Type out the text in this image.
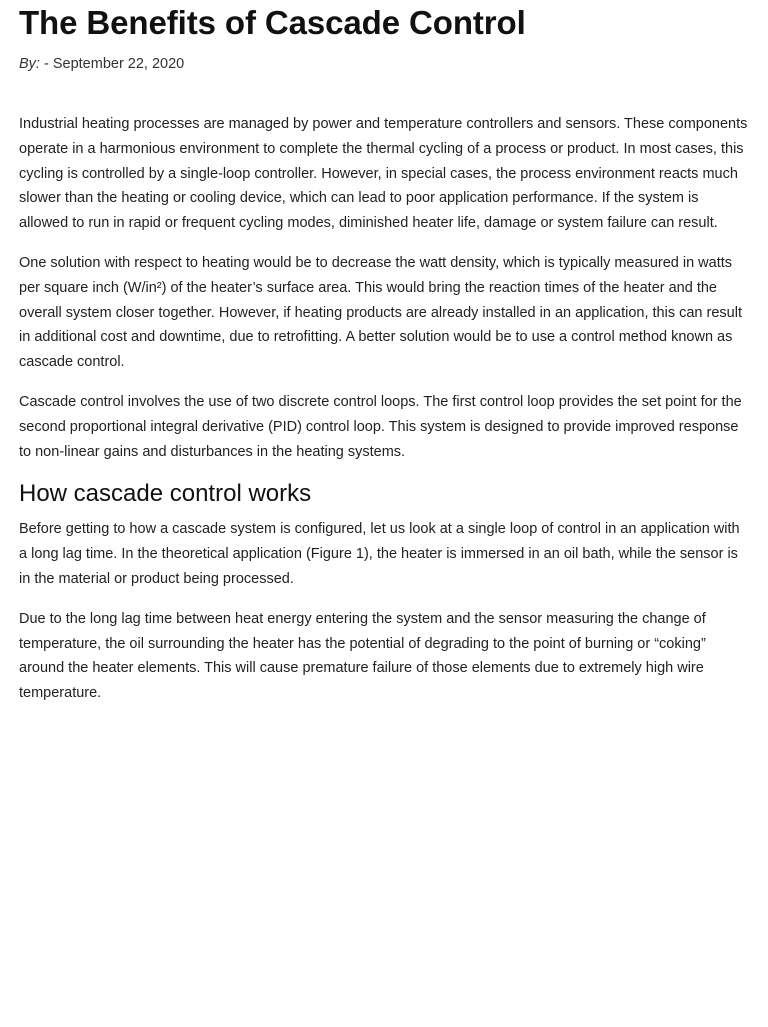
The Benefits of Cascade Control
By: - September 22, 2020

Industrial heating processes are managed by power and temperature controllers and sensors. These components operate in a harmonious environment to complete the thermal cycling of a process or product. In most cases, this cycling is controlled by a single-loop controller. However, in special cases, the process environment reacts much slower than the heating or cooling device, which can lead to poor application performance. If the system is allowed to run in rapid or frequent cycling modes, diminished heater life, damage or system failure can result.

One solution with respect to heating would be to decrease the watt density, which is typically measured in watts per square inch (W/in²) of the heater’s surface area. This would bring the reaction times of the heater and the overall system closer together. However, if heating products are already installed in an application, this can result in additional cost and downtime, due to retrofitting. A better solution would be to use a control method known as cascade control.

Cascade control involves the use of two discrete control loops. The first control loop provides the set point for the second proportional integral derivative (PID) control loop. This system is designed to provide improved response to non-linear gains and disturbances in the heating systems.

How cascade control works

Before getting to how a cascade system is configured, let us look at a single loop of control in an application with a long lag time. In the theoretical application (Figure 1), the heater is immersed in an oil bath, while the sensor is in the material or product being processed.

Due to the long lag time between heat energy entering the system and the sensor measuring the change of temperature, the oil surrounding the heater has the potential of degrading to the point of burning or “coking” around the heater elements. This will cause premature failure of those elements due to extremely high wire temperature.
